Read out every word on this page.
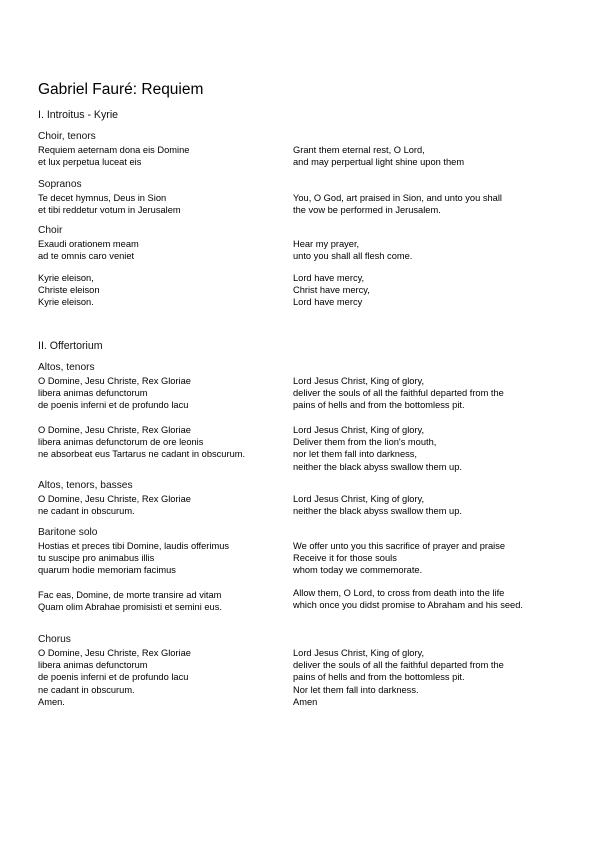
Gabriel Fauré: Requiem
I. Introitus - Kyrie
Choir, tenors
Requiem aeternam dona eis Domine
et lux perpetua luceat eis
Grant them eternal rest, O Lord,
and may perpertual light shine upon them
Sopranos
Te decet hymnus, Deus in Sion
et tibi reddetur votum in Jerusalem
You, O God, art praised in Sion, and unto you shall
the vow be performed in Jerusalem.
Choir
Exaudi orationem meam
ad te omnis caro veniet
Hear my prayer,
unto you shall all flesh come.
Kyrie eleison,
Christe eleison
Kyrie eleison.
Lord have mercy,
Christ have mercy,
Lord have mercy
II. Offertorium
Altos, tenors
O Domine, Jesu Christe, Rex Gloriae
libera animas defunctorum
de poenis inferni et de profundo lacu
Lord Jesus Christ, King of glory,
deliver the souls of all the faithful departed from the
pains of hells and from the bottomless pit.
O Domine, Jesu Christe, Rex Gloriae
libera animas defunctorum de ore leonis
ne absorbeat eus Tartarus ne cadant in obscurum.
Lord Jesus Christ, King of glory,
Deliver them from the lion's mouth,
nor let them fall into darkness,
neither the black abyss swallow them up.
Altos, tenors, basses
O Domine, Jesu Christe, Rex Gloriae
ne cadant in obscurum.
Lord Jesus Christ, King of glory,
neither the black abyss swallow them up.
Baritone solo
Hostias et preces tibi Domine, laudis offerimus
tu suscipe pro animabus illis
quarum hodie memoriam facimus
We offer unto you this sacrifice of prayer and praise
Receive it for those souls
whom today we commemorate.
Fac eas, Domine, de morte transire ad vitam
Quam olim Abrahae promisisti et semini eus.
Allow them, O Lord, to cross from death into the life
which once you didst promise to Abraham and his seed.
Chorus
O Domine, Jesu Christe, Rex Gloriae
libera animas defunctorum
de poenis inferni et de profundo lacu
ne cadant in obscurum.
Amen.
Lord Jesus Christ, King of glory,
deliver the souls of all the faithful departed from the
pains of hells and from the bottomless pit.
Nor let them fall into darkness.
Amen
